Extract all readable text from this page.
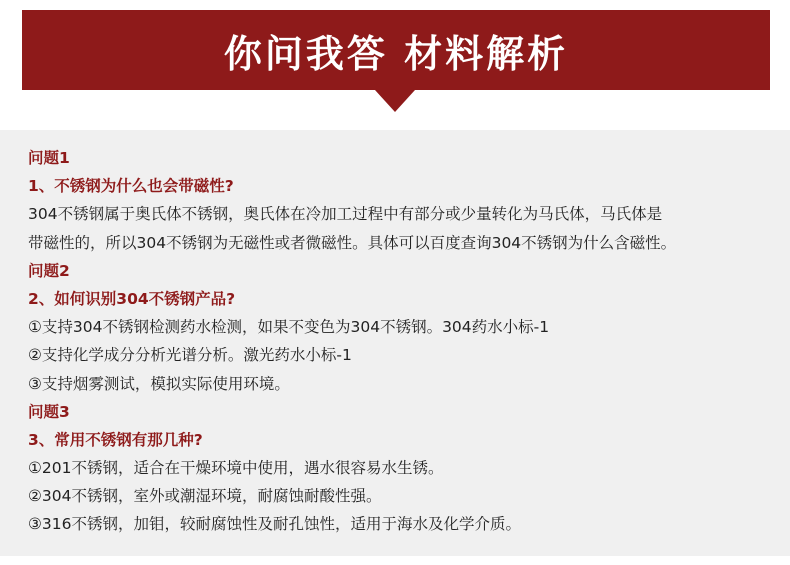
你问我答 材料解析
问题1
1、不锈钢为什么也会带磁性?
304不锈钢属于奥氏体不锈钢，奥氏体在冷加工过程中有部分或少量转化为马氏体，马氏体是
带磁性的，所以304不锈钢为无磁性或者微磁性。具体可以百度查询304不锈钢为什么含磁性。
问题2
2、如何识别304不锈钢产品?
①支持304不锈钢检测药水检测，如果不变色为304不锈钢。304药水小标-1
②支持化学成分分析光谱分析。激光药水小标-1
③支持烟雾测试，模拟实际使用环境。
问题3
3、常用不锈钢有那几种?
①201不锈钢，适合在干燥环境中使用，遇水很容易水生锈。
②304不锈钢，室外或潮湿环境，耐腐蚀耐酸性强。
③316不锈钢，加钼，较耐腐蚀性及耐孔蚀性，适用于海水及化学介质。
